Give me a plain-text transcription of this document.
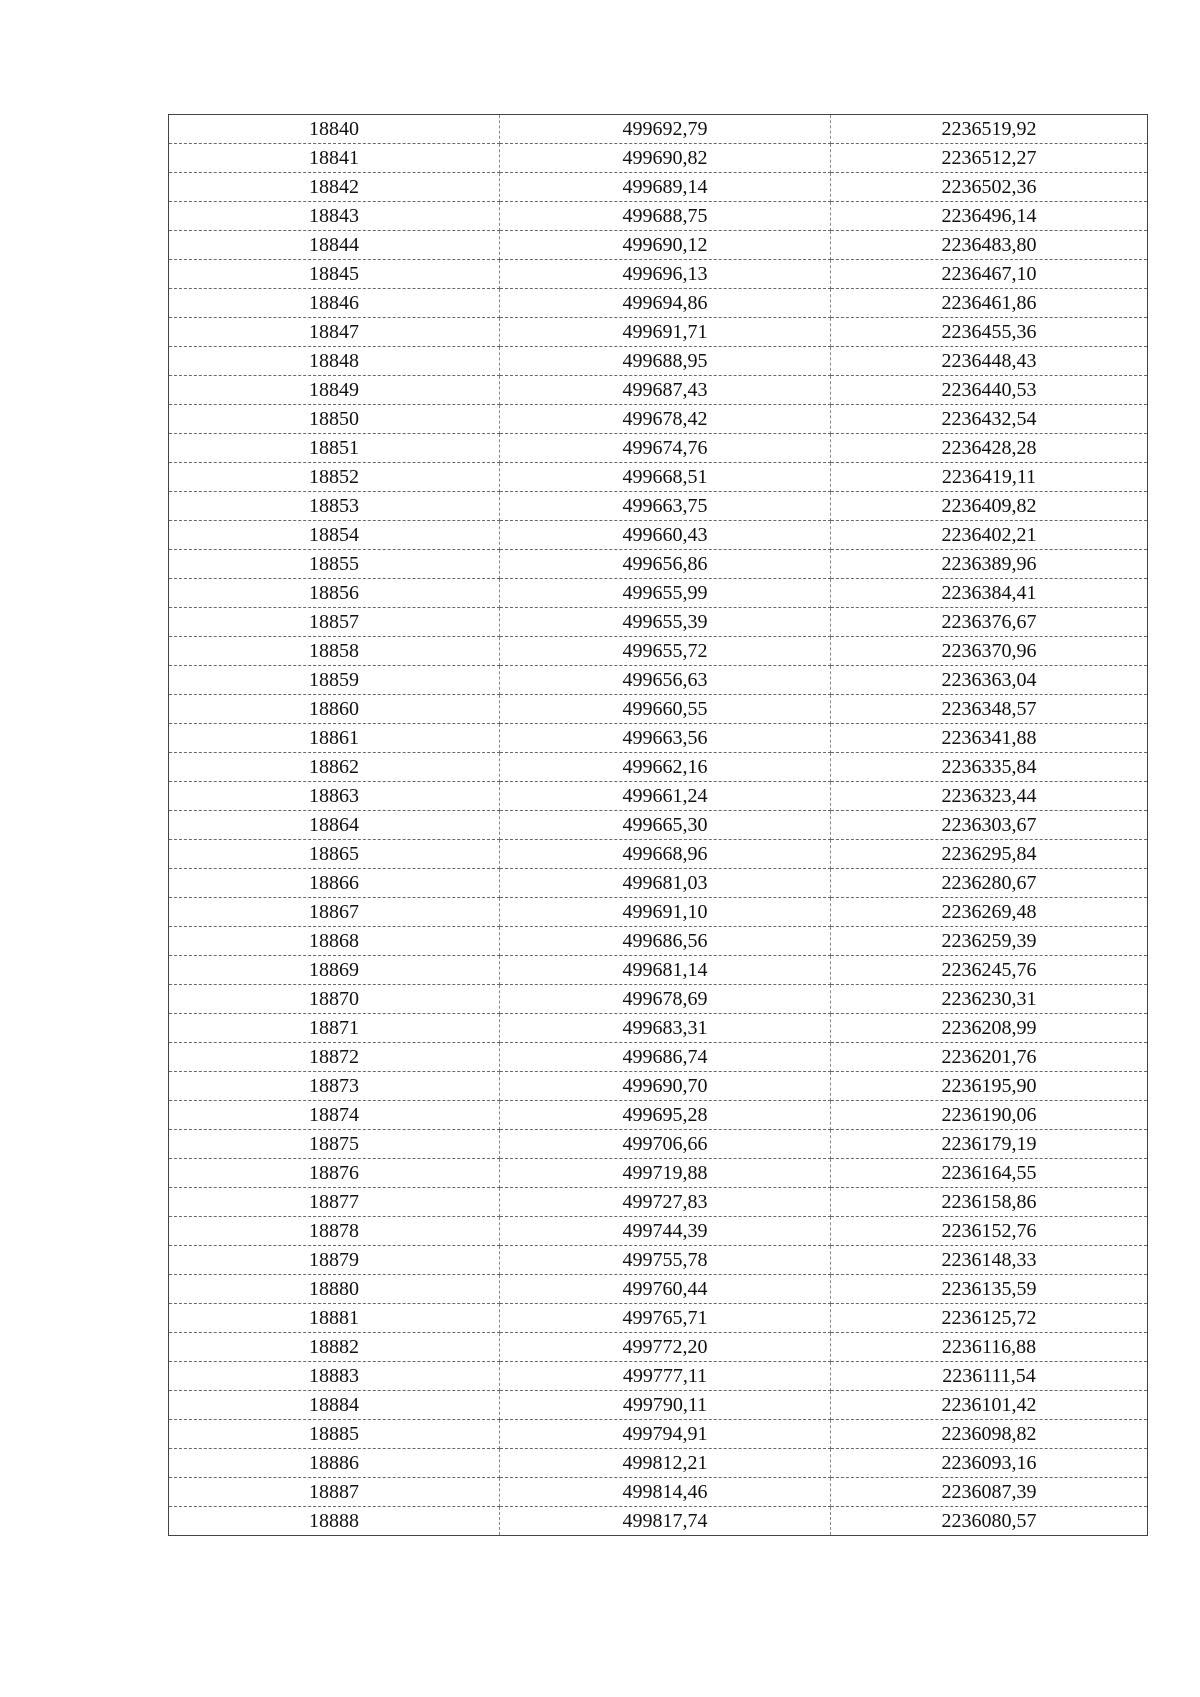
18840	499692,79	2236519,92
18841	499690,82	2236512,27
18842	499689,14	2236502,36
18843	499688,75	2236496,14
18844	499690,12	2236483,80
18845	499696,13	2236467,10
18846	499694,86	2236461,86
18847	499691,71	2236455,36
18848	499688,95	2236448,43
18849	499687,43	2236440,53
18850	499678,42	2236432,54
18851	499674,76	2236428,28
18852	499668,51	2236419,11
18853	499663,75	2236409,82
18854	499660,43	2236402,21
18855	499656,86	2236389,96
18856	499655,99	2236384,41
18857	499655,39	2236376,67
18858	499655,72	2236370,96
18859	499656,63	2236363,04
18860	499660,55	2236348,57
18861	499663,56	2236341,88
18862	499662,16	2236335,84
18863	499661,24	2236323,44
18864	499665,30	2236303,67
18865	499668,96	2236295,84
18866	499681,03	2236280,67
18867	499691,10	2236269,48
18868	499686,56	2236259,39
18869	499681,14	2236245,76
18870	499678,69	2236230,31
18871	499683,31	2236208,99
18872	499686,74	2236201,76
18873	499690,70	2236195,90
18874	499695,28	2236190,06
18875	499706,66	2236179,19
18876	499719,88	2236164,55
18877	499727,83	2236158,86
18878	499744,39	2236152,76
18879	499755,78	2236148,33
18880	499760,44	2236135,59
18881	499765,71	2236125,72
18882	499772,20	2236116,88
18883	499777,11	2236111,54
18884	499790,11	2236101,42
18885	499794,91	2236098,82
18886	499812,21	2236093,16
18887	499814,46	2236087,39
18888	499817,74	2236080,57
